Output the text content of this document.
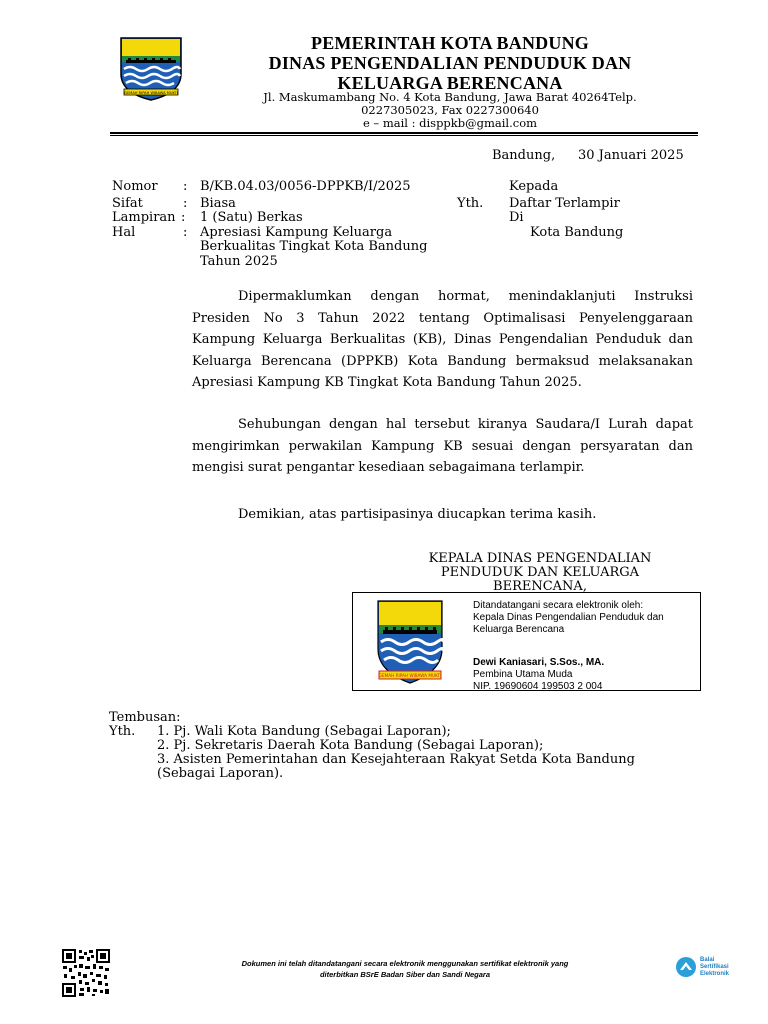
GEMAH RIPAH WIBAWA MUKTI
PEMERINTAH KOTA BANDUNG
DINAS PENGENDALIAN PENDUDUK DAN
KELUARGA BERENCANA
Jl. Maskumambang No. 4 Kota Bandung, Jawa Barat 40264Telp.
0227305023, Fax 0227300640
e – mail : disppkb@gmail.com
Bandung, 30 Januari 2025
Nomor : B/KB.04.03/0056-DPPKB/I/2025
Sifat	: Biasa
Lampiran : 1 (Satu) Berkas
Hal	: Apresiasi Kampung Keluarga
Berkualitas Tingkat Kota Bandung
Tahun 2025
Kepada
Yth. Daftar Terlampir
Di
Kota Bandung
Dipermaklumkan dengan hormat, menindaklanjuti Instruksi Presiden No 3 Tahun 2022 tentang Optimalisasi Penyelenggaraan Kampung Keluarga Berkualitas (KB), Dinas Pengendalian Penduduk dan Keluarga Berencana (DPPKB) Kota Bandung bermaksud melaksanakan Apresiasi Kampung KB Tingkat Kota Bandung Tahun 2025.
Sehubungan dengan hal tersebut kiranya Saudara/I Lurah dapat mengirimkan perwakilan Kampung KB sesuai dengan persyaratan dan mengisi surat pengantar kesediaan sebagaimana terlampir.
Demikian, atas partisipasinya diucapkan terima kasih.
KEPALA DINAS PENGENDALIAN
PENDUDUK DAN KELUARGA
BERENCANA,
GEMAH RIPAH WIBAWA MUKTI
Ditandatangani secara elektronik oleh:
Kepala Dinas Pengendalian Penduduk dan
Keluarga Berencana
Dewi Kaniasari, S.Sos., MA.
Pembina Utama Muda
NIP. 19690604 199503 2 004
Tembusan:
Yth. 1. Pj. Wali Kota Bandung (Sebagai Laporan);
2. Pj. Sekretaris Daerah Kota Bandung (Sebagai Laporan);
3. Asisten Pemerintahan dan Kesejahteraan Rakyat Setda Kota Bandung
(Sebagai Laporan).
Dokumen ini telah ditandatangani secara elektronik menggunakan sertifikat elektronik yang
diterbitkan BSrE Badan Siber dan Sandi Negara
Balai
Sertifikasi
Elektronik
